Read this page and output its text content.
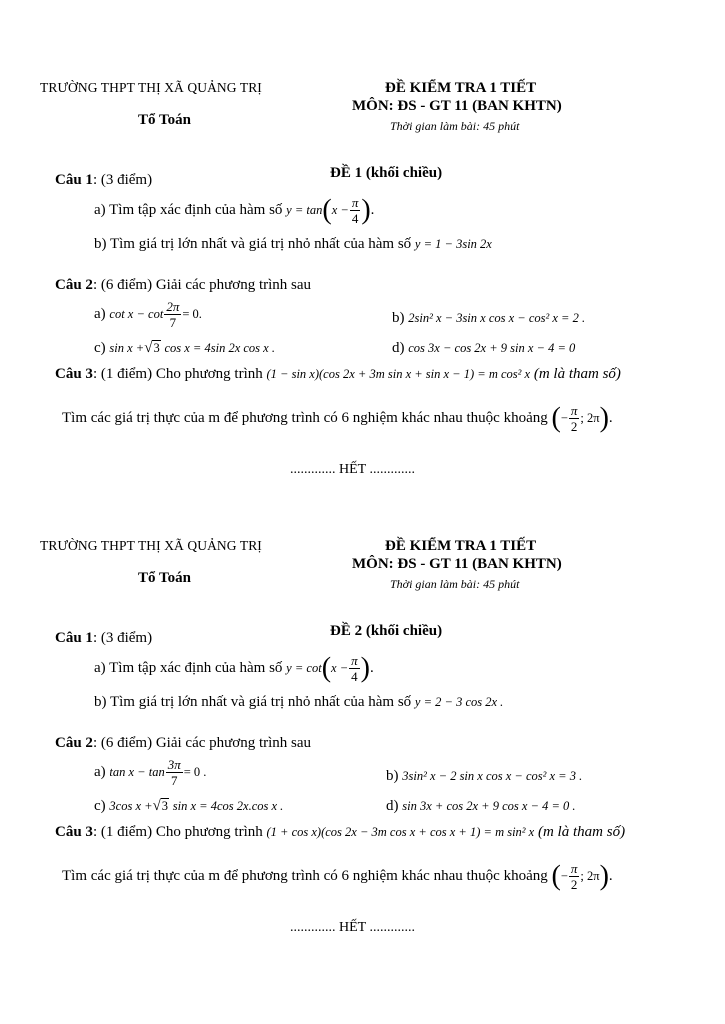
TRƯỜNG THPT THỊ XÃ QUẢNG TRỊ
Tổ Toán
ĐỀ KIỂM TRA 1 TIẾT
MÔN: ĐS - GT 11 (BAN KHTN)
Thời gian làm bài: 45 phút
ĐỀ 1 (khối chiều)
Câu 1: (3 điểm)
a) Tìm tập xác định của hàm số $y = \tan(x - \frac{\pi}{4}$ ).
b) Tìm giá trị lớn nhất và giá trị nhỏ nhất của hàm số y = 1 − 3sin 2x
Câu 2: (6 điểm) Giải các phương trình sau
a) $\cot x - \cot \frac{2\pi}{7} = 0$.	b) 2sin² x − 3sin x cos x − cos² x = 2 .
c) sin x +√3 cos x = 4sin 2x cos x .	d) cos 3x − cos 2x + 9 sin x − 4 = 0
Câu 3: (1 điểm) Cho phương trình (1 − sin x)(cos 2x + 3m sin x + sin x − 1) = m cos² x (m là tham số)
Tìm các giá trị thực của m để phương trình có 6 nghiệm khác nhau thuộc khoảng (− $\frac{\pi}{2}$ ; 2π).
............. HẾT .............
TRƯỜNG THPT THỊ XÃ QUẢNG TRỊ
Tổ Toán
ĐỀ KIỂM TRA 1 TIẾT
MÔN: ĐS - GT 11 (BAN KHTN)
Thời gian làm bài: 45 phút
ĐỀ 2 (khối chiều)
Câu 1: (3 điểm)
a) Tìm tập xác định của hàm số $y = \cot(x - \frac{\pi}{4}$ ).
b) Tìm giá trị lớn nhất và giá trị nhỏ nhất của hàm số y = 2 − 3 cos 2x .
Câu 2: (6 điểm) Giải các phương trình sau
a) $\tan x - \tan \frac{3\pi}{7} = 0$ .	b) 3sin² x − 2 sin x cos x − cos² x = 3 .
c) 3cos x +√3 sin x = 4cos 2x.cos x .	d) sin 3x + cos 2x + 9 cos x − 4 = 0 .
Câu 3: (1 điểm) Cho phương trình (1 + cos x)(cos 2x − 3m cos x + cos x + 1) = m sin² x (m là tham số)
Tìm các giá trị thực của m để phương trình có 6 nghiệm khác nhau thuộc khoảng (− $\frac{\pi}{2}$ ; 2π).
............. HẾT .............
